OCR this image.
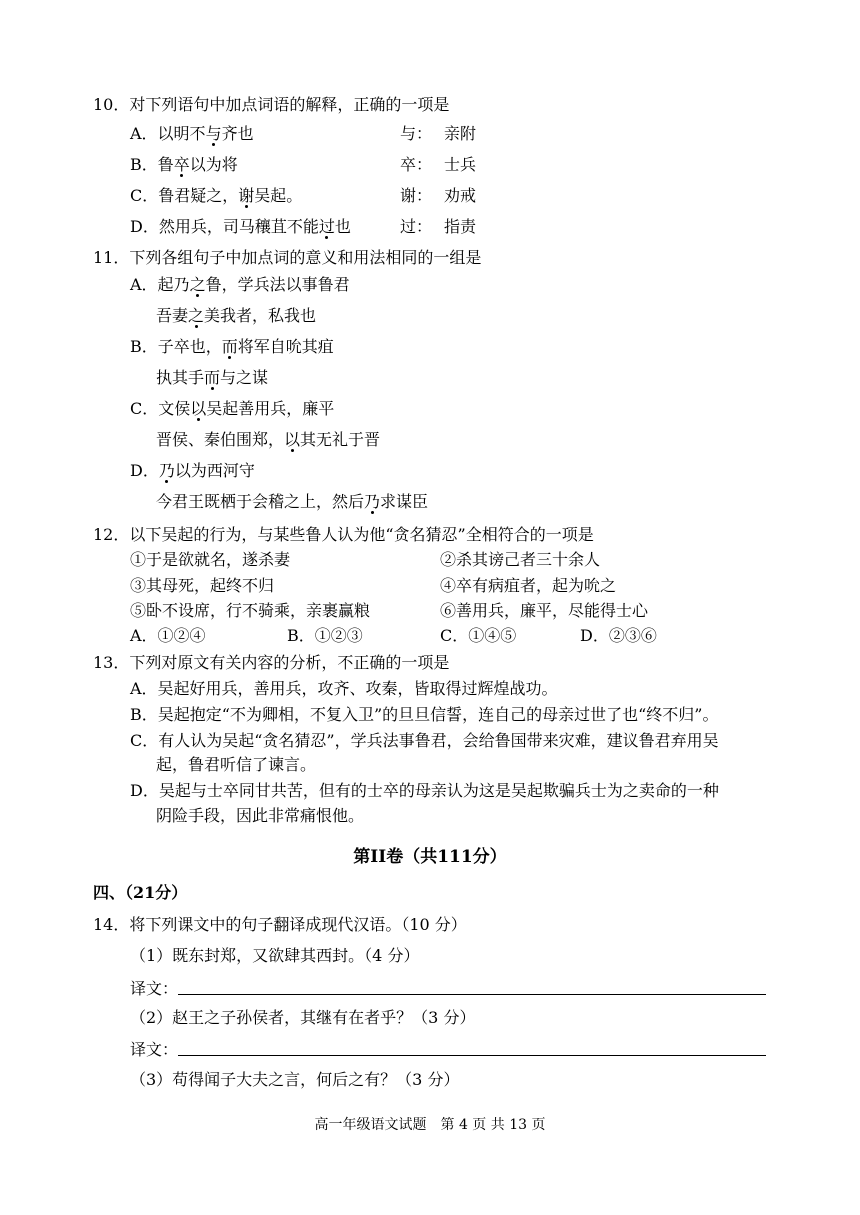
10．对下列语句中加点词语的解释，正确的一项是
A．以明不与齐也	与： 亲附
B．鲁卒以为将	卒： 士兵
C．鲁君疑之，谢吴起。	谢： 劝戒
D．然用兵，司马穰苴不能过也	过： 指责
11．下列各组句子中加点词的意义和用法相同的一组是
A．起乃之鲁，学兵法以事鲁君
吾妻之美我者，私我也
B．子卒也，而将军自吮其疽
执其手而与之谋
C．文侯以吴起善用兵，廉平
晋侯、秦伯围郑，以其无礼于晋
D．乃以为西河守
今君王既栖于会稽之上，然后乃求谋臣
12．以下吴起的行为，与某些鲁人认为他“贪名猜忍”全相符合的一项是
①于是欲就名，遂杀妻	②杀其谤己者三十余人
③其母死，起终不归	④卒有病疽者，起为吮之
⑤卧不设席，行不骑乘，亲裹赢粮	⑥善用兵，廉平，尽能得士心
A．①②④	B．①②③	C．①④⑤	D．②③⑥
13．下列对原文有关内容的分析，不正确的一项是
A．吴起好用兵，善用兵，攻齐、攻秦，皆取得过辉煌战功。
B．吴起抱定“不为卿相，不复入卫”的旦旦信誓，连自己的母亲过世了也“终不归”。
C．有人认为吴起“贪名猜忍”，学兵法事鲁君，会给鲁国带来灾难，建议鲁君弃用吴
起，鲁君听信了谏言。
D．吴起与士卒同甘共苦，但有的士卒的母亲认为这是吴起欺骗兵士为之卖命的一种
阴险手段，因此非常痛恨他。
第II卷（共111分）
四、（21分）
14．将下列课文中的句子翻译成现代汉语。（10 分）
（1）既东封郑，又欲肆其西封。（4 分）
译文：
（2）赵王之子孙侯者，其继有在者乎？（3 分）
译文：
（3）苟得闻子大夫之言，何后之有？（3 分）
高一年级语文试题　第 4 页 共 13 页
